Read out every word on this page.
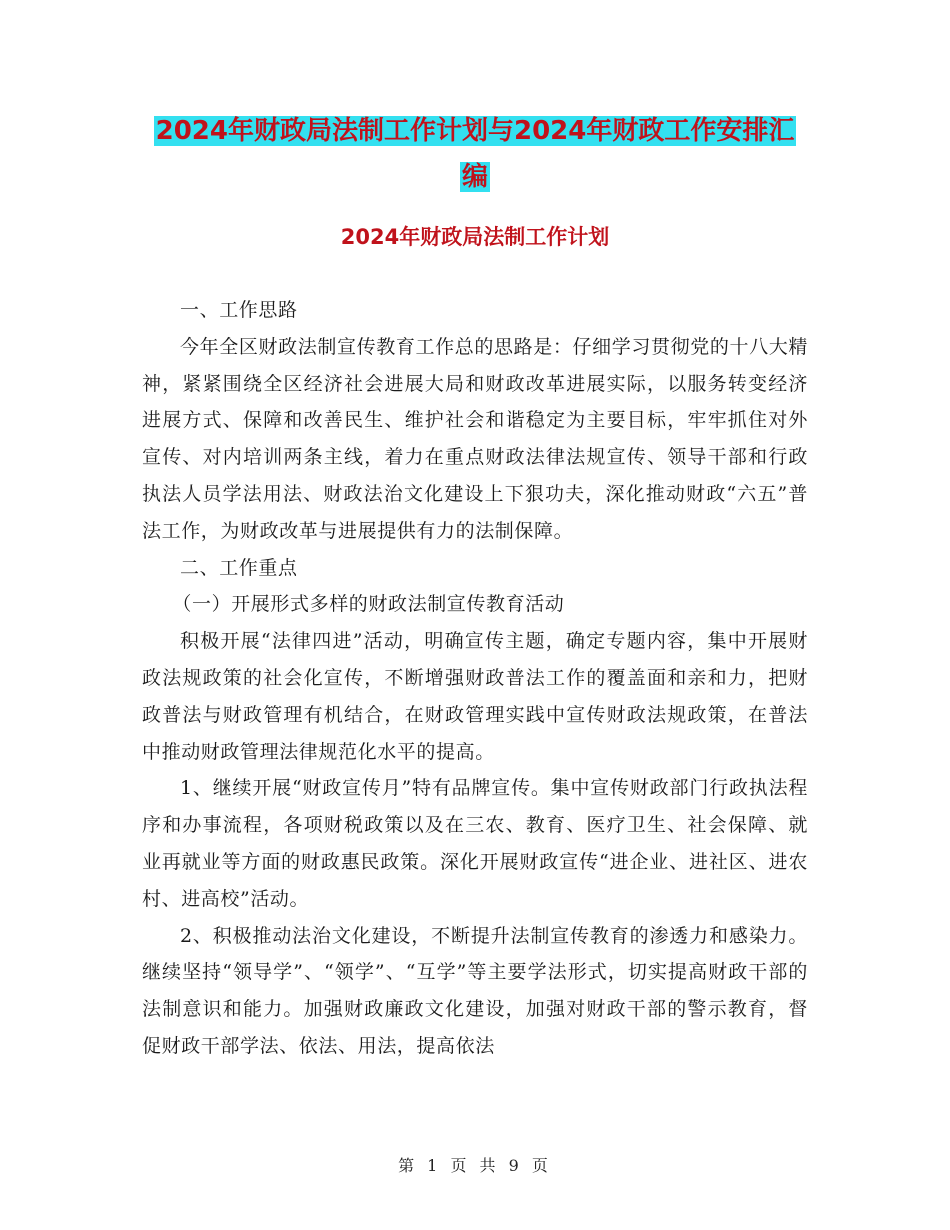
2024年财政局法制工作计划与2024年财政工作安排汇
编
2024年财政局法制工作计划

一、工作思路

今年全区财政法制宣传教育工作总的思路是：仔细学习贯彻党的十八大精神，紧紧围绕全区经济社会进展大局和财政改革进展实际，以服务转变经济进展方式、保障和改善民生、维护社会和谐稳定为主要目标，牢牢抓住对外宣传、对内培训两条主线，着力在重点财政法律法规宣传、领导干部和行政执法人员学法用法、财政法治文化建设上下狠功夫，深化推动财政“六五”普法工作，为财政改革与进展提供有力的法制保障。

二、工作重点

（一）开展形式多样的财政法制宣传教育活动

积极开展“法律四进”活动，明确宣传主题，确定专题内容，集中开展财政法规政策的社会化宣传，不断增强财政普法工作的覆盖面和亲和力，把财政普法与财政管理有机结合，在财政管理实践中宣传财政法规政策，在普法中推动财政管理法律规范化水平的提高。

1、继续开展“财政宣传月”特有品牌宣传。集中宣传财政部门行政执法程序和办事流程，各项财税政策以及在三农、教育、医疗卫生、社会保障、就业再就业等方面的财政惠民政策。深化开展财政宣传“进企业、进社区、进农村、进高校”活动。

2、积极推动法治文化建设，不断提升法制宣传教育的渗透力和感染力。继续坚持“领导学”、“领学”、“互学”等主要学法形式，切实提高财政干部的法制意识和能力。加强财政廉政文化建设，加强对财政干部的警示教育，督促财政干部学法、依法、用法，提高依法

第 1 页 共 9 页
